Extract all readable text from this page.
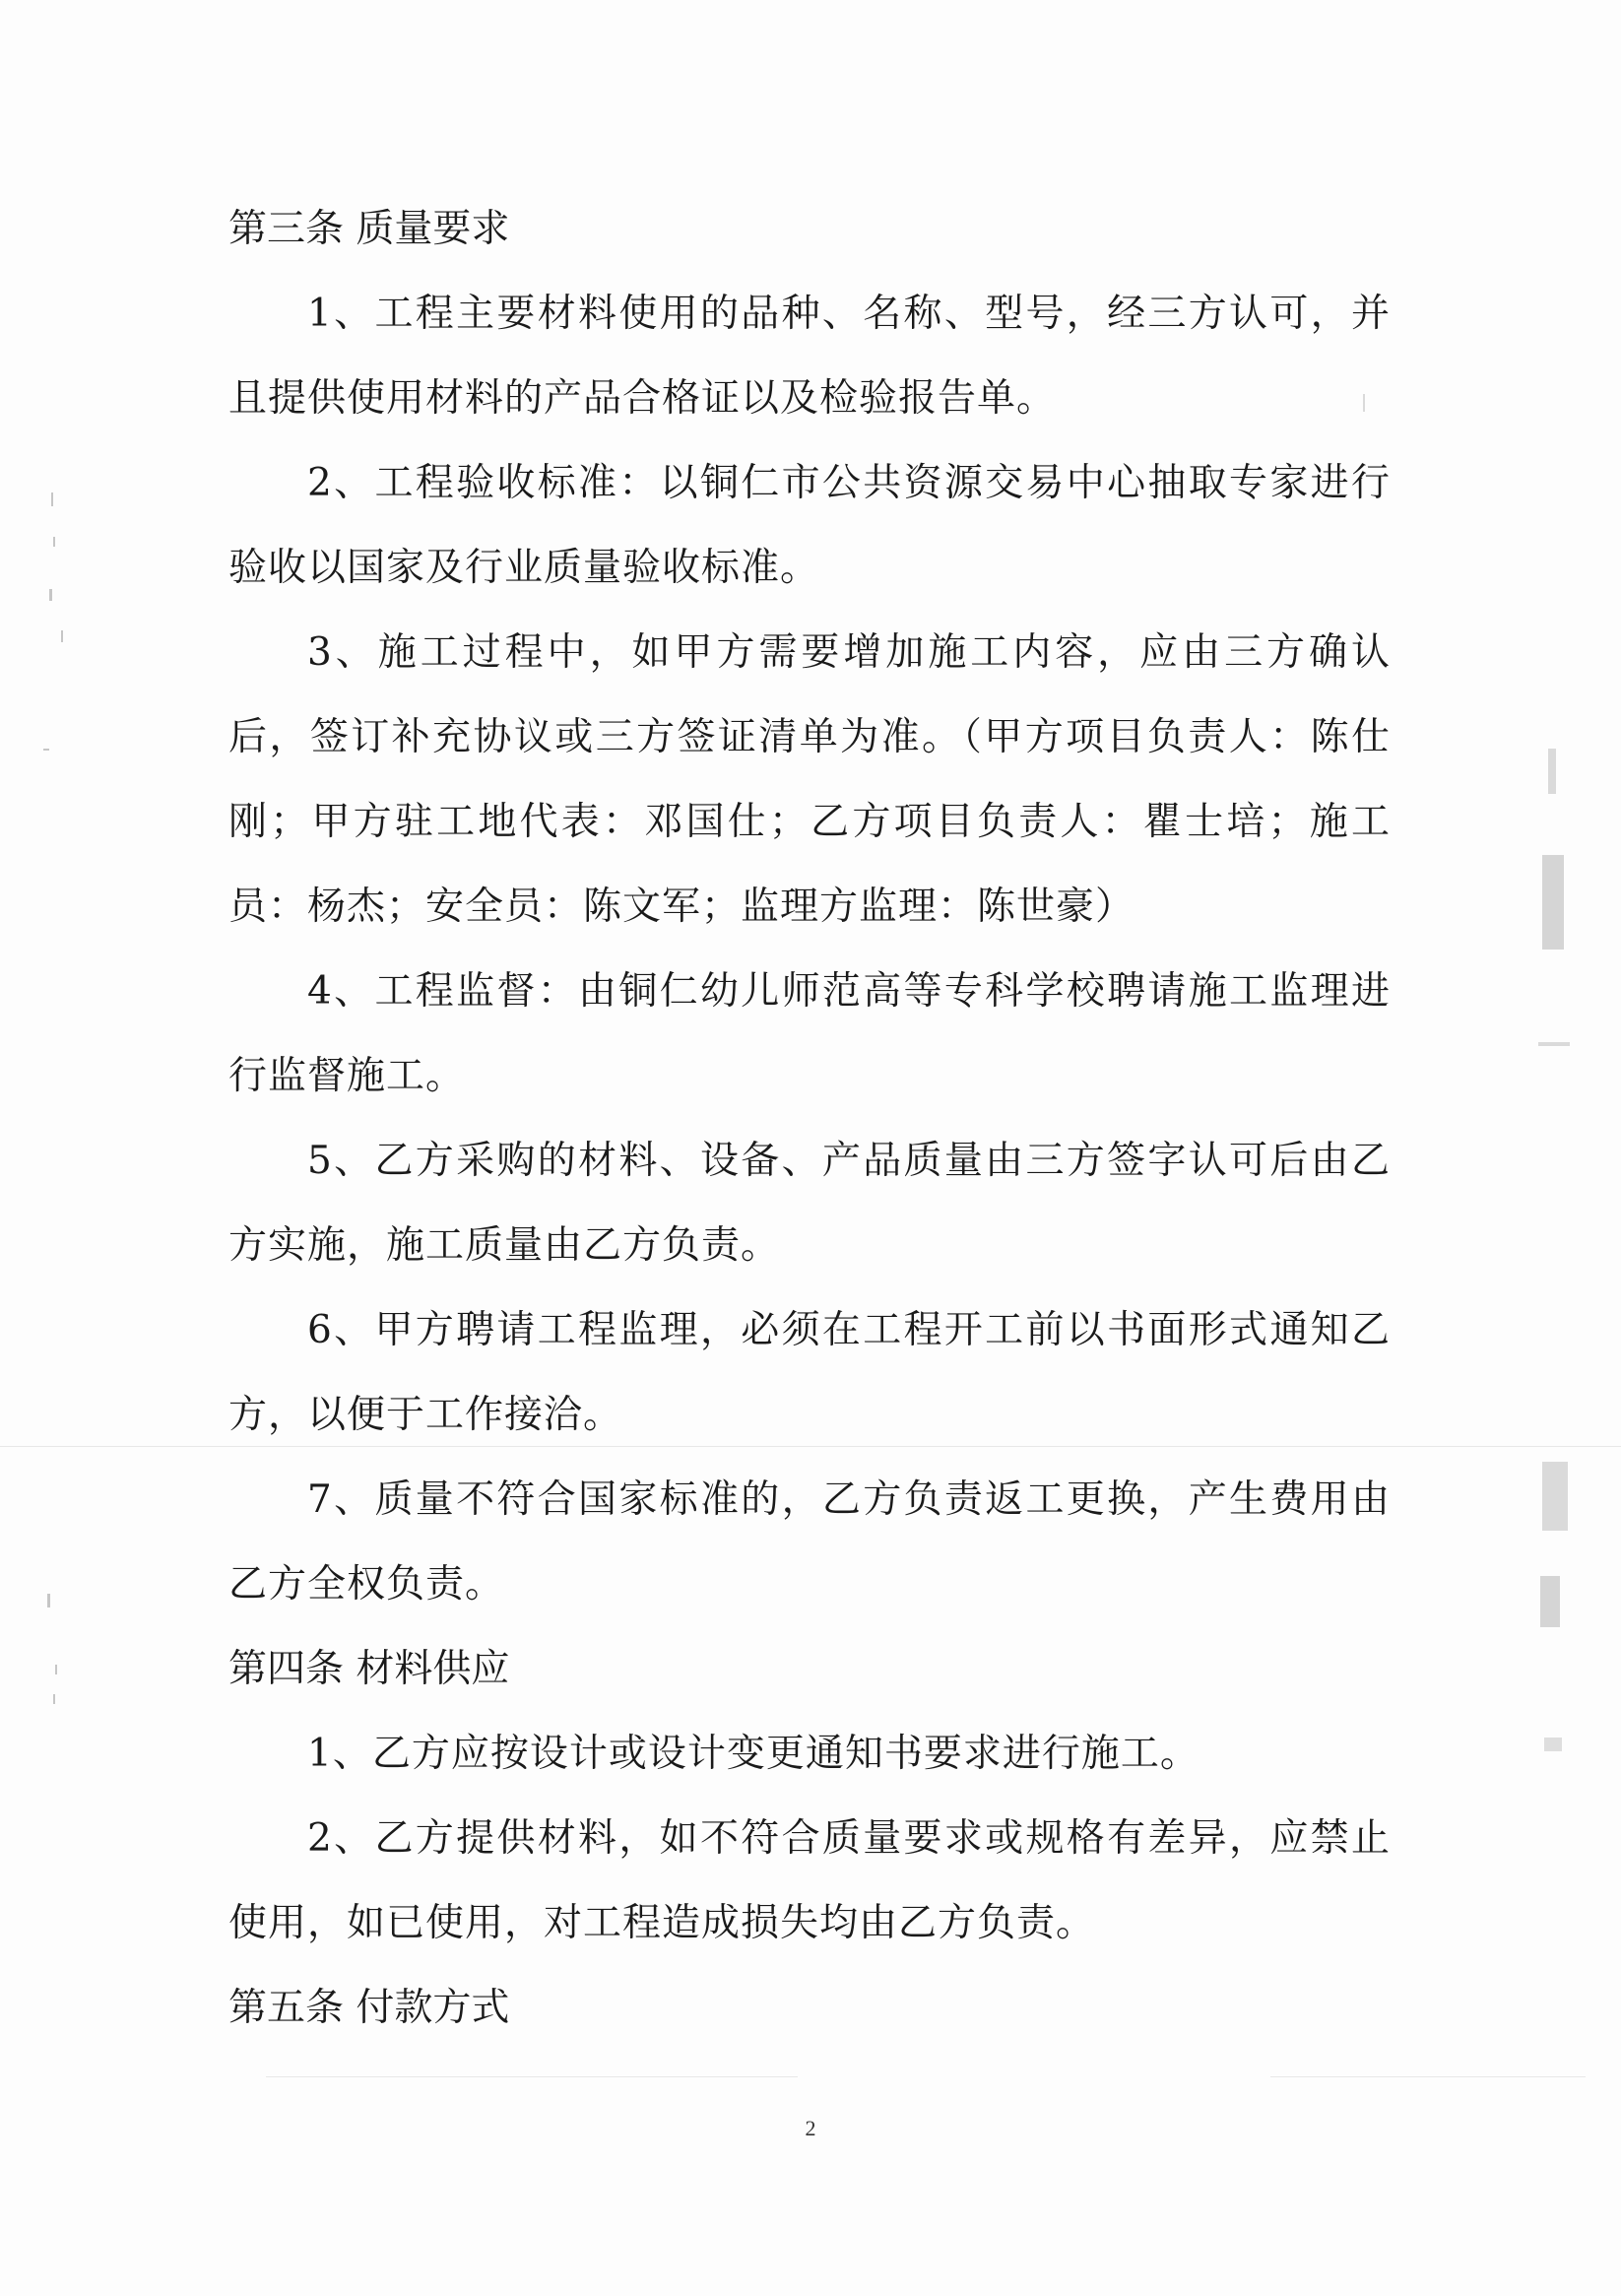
第三条 质量要求
1、工程主要材料使用的品种、名称、型号，经三方认可，并且提供使用材料的产品合格证以及检验报告单。
2、工程验收标准：以铜仁市公共资源交易中心抽取专家进行验收以国家及行业质量验收标准。
3、施工过程中，如甲方需要增加施工内容，应由三方确认后，签订补充协议或三方签证清单为准。（甲方项目负责人：陈仕刚；甲方驻工地代表：邓国仕；乙方项目负责人：瞿士培；施工员：杨杰；安全员：陈文军；监理方监理：陈世豪）
4、工程监督：由铜仁幼儿师范高等专科学校聘请施工监理进行监督施工。
5、乙方采购的材料、设备、产品质量由三方签字认可后由乙方实施，施工质量由乙方负责。
6、甲方聘请工程监理，必须在工程开工前以书面形式通知乙方，以便于工作接洽。
7、质量不符合国家标准的，乙方负责返工更换，产生费用由乙方全权负责。
第四条 材料供应
1、乙方应按设计或设计变更通知书要求进行施工。
2、乙方提供材料，如不符合质量要求或规格有差异，应禁止使用，如已使用，对工程造成损失均由乙方负责。
第五条 付款方式
2
